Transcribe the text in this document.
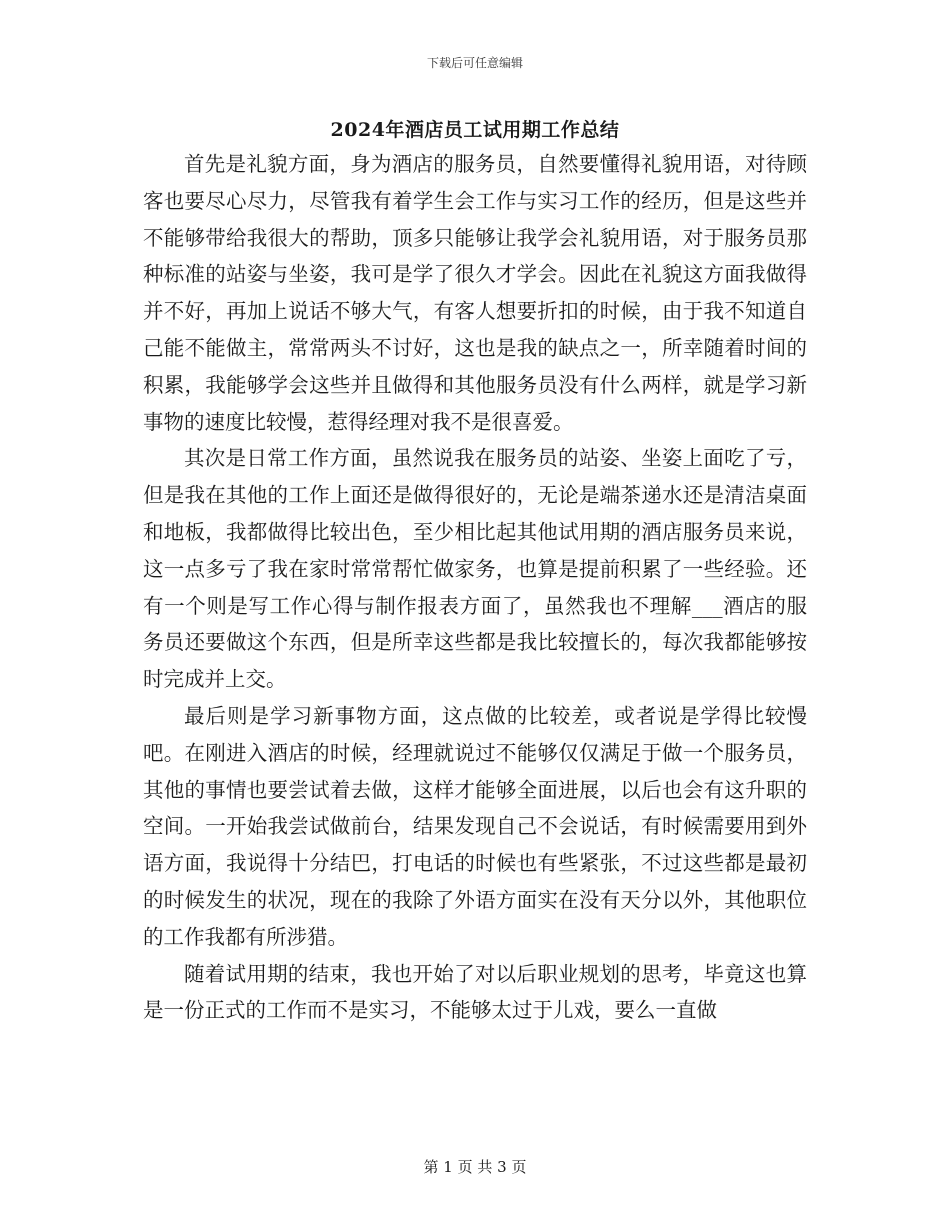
下载后可任意编辑
2024年酒店员工试用期工作总结

首先是礼貌方面，身为酒店的服务员，自然要懂得礼貌用语，对待顾客也要尽心尽力，尽管我有着学生会工作与实习工作的经历，但是这些并不能够带给我很大的帮助，顶多只能够让我学会礼貌用语，对于服务员那种标准的站姿与坐姿，我可是学了很久才学会。因此在礼貌这方面我做得并不好，再加上说话不够大气，有客人想要折扣的时候，由于我不知道自己能不能做主，常常两头不讨好，这也是我的缺点之一，所幸随着时间的积累，我能够学会这些并且做得和其他服务员没有什么两样，就是学习新事物的速度比较慢，惹得经理对我不是很喜爱。

其次是日常工作方面，虽然说我在服务员的站姿、坐姿上面吃了亏，但是我在其他的工作上面还是做得很好的，无论是端茶递水还是清洁桌面和地板，我都做得比较出色，至少相比起其他试用期的酒店服务员来说，这一点多亏了我在家时常常帮忙做家务，也算是提前积累了一些经验。还有一个则是写工作心得与制作报表方面了，虽然我也不理解___酒店的服务员还要做这个东西，但是所幸这些都是我比较擅长的，每次我都能够按时完成并上交。

最后则是学习新事物方面，这点做的比较差，或者说是学得比较慢吧。在刚进入酒店的时候，经理就说过不能够仅仅满足于做一个服务员，其他的事情也要尝试着去做，这样才能够全面进展，以后也会有这升职的空间。一开始我尝试做前台，结果发现自己不会说话，有时候需要用到外语方面，我说得十分结巴，打电话的时候也有些紧张，不过这些都是最初的时候发生的状况，现在的我除了外语方面实在没有天分以外，其他职位的工作我都有所涉猎。

随着试用期的结束，我也开始了对以后职业规划的思考，毕竟这也算是一份正式的工作而不是实习，不能够太过于儿戏，要么一直做

第 1 页 共 3 页
